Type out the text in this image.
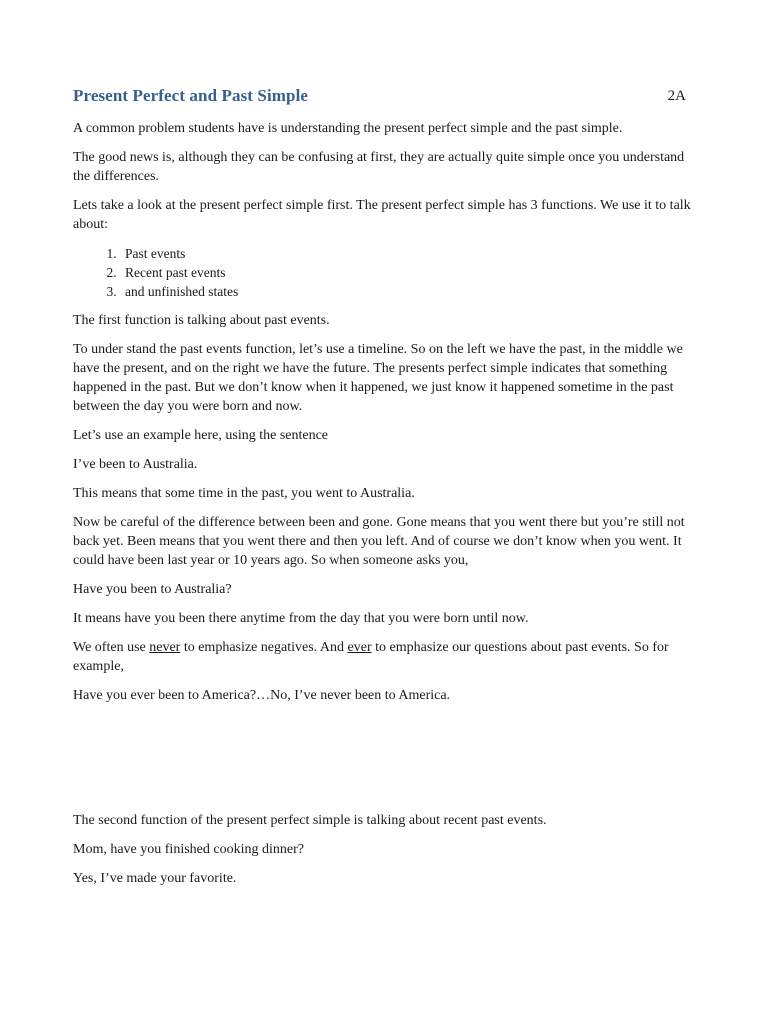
Present Perfect and Past Simple	2A

A common problem students have is understanding the present perfect simple and the past simple.

The good news is, although they can be confusing at first, they are actually quite simple once you understand the differences.

Lets take a look at the present perfect simple first. The present perfect simple has 3 functions. We use it to talk about:

1. Past events
2. Recent past events
3. and unfinished states

The first function is talking about past events.

To under stand the past events function, let’s use a timeline. So on the left we have the past, in the middle we have the present, and on the right we have the future. The presents perfect simple indicates that something happened in the past. But we don’t know when it happened, we just know it happened sometime in the past between the day you were born and now.

Let’s use an example here, using the sentence

I’ve been to Australia.

This means that some time in the past, you went to Australia.

Now be careful of the difference between been and gone. Gone means that you went there but you’re still not back yet. Been means that you went there and then you left. And of course we don’t know when you went. It could have been last year or 10 years ago. So when someone asks you,

Have you been to Australia?

It means have you been there anytime from the day that you were born until now.

We often use never to emphasize negatives. And ever to emphasize our questions about past events. So for example,

Have you ever been to America?…No, I’ve never been to America.

The second function of the present perfect simple is talking about recent past events.

Mom, have you finished cooking dinner?

Yes, I’ve made your favorite.
